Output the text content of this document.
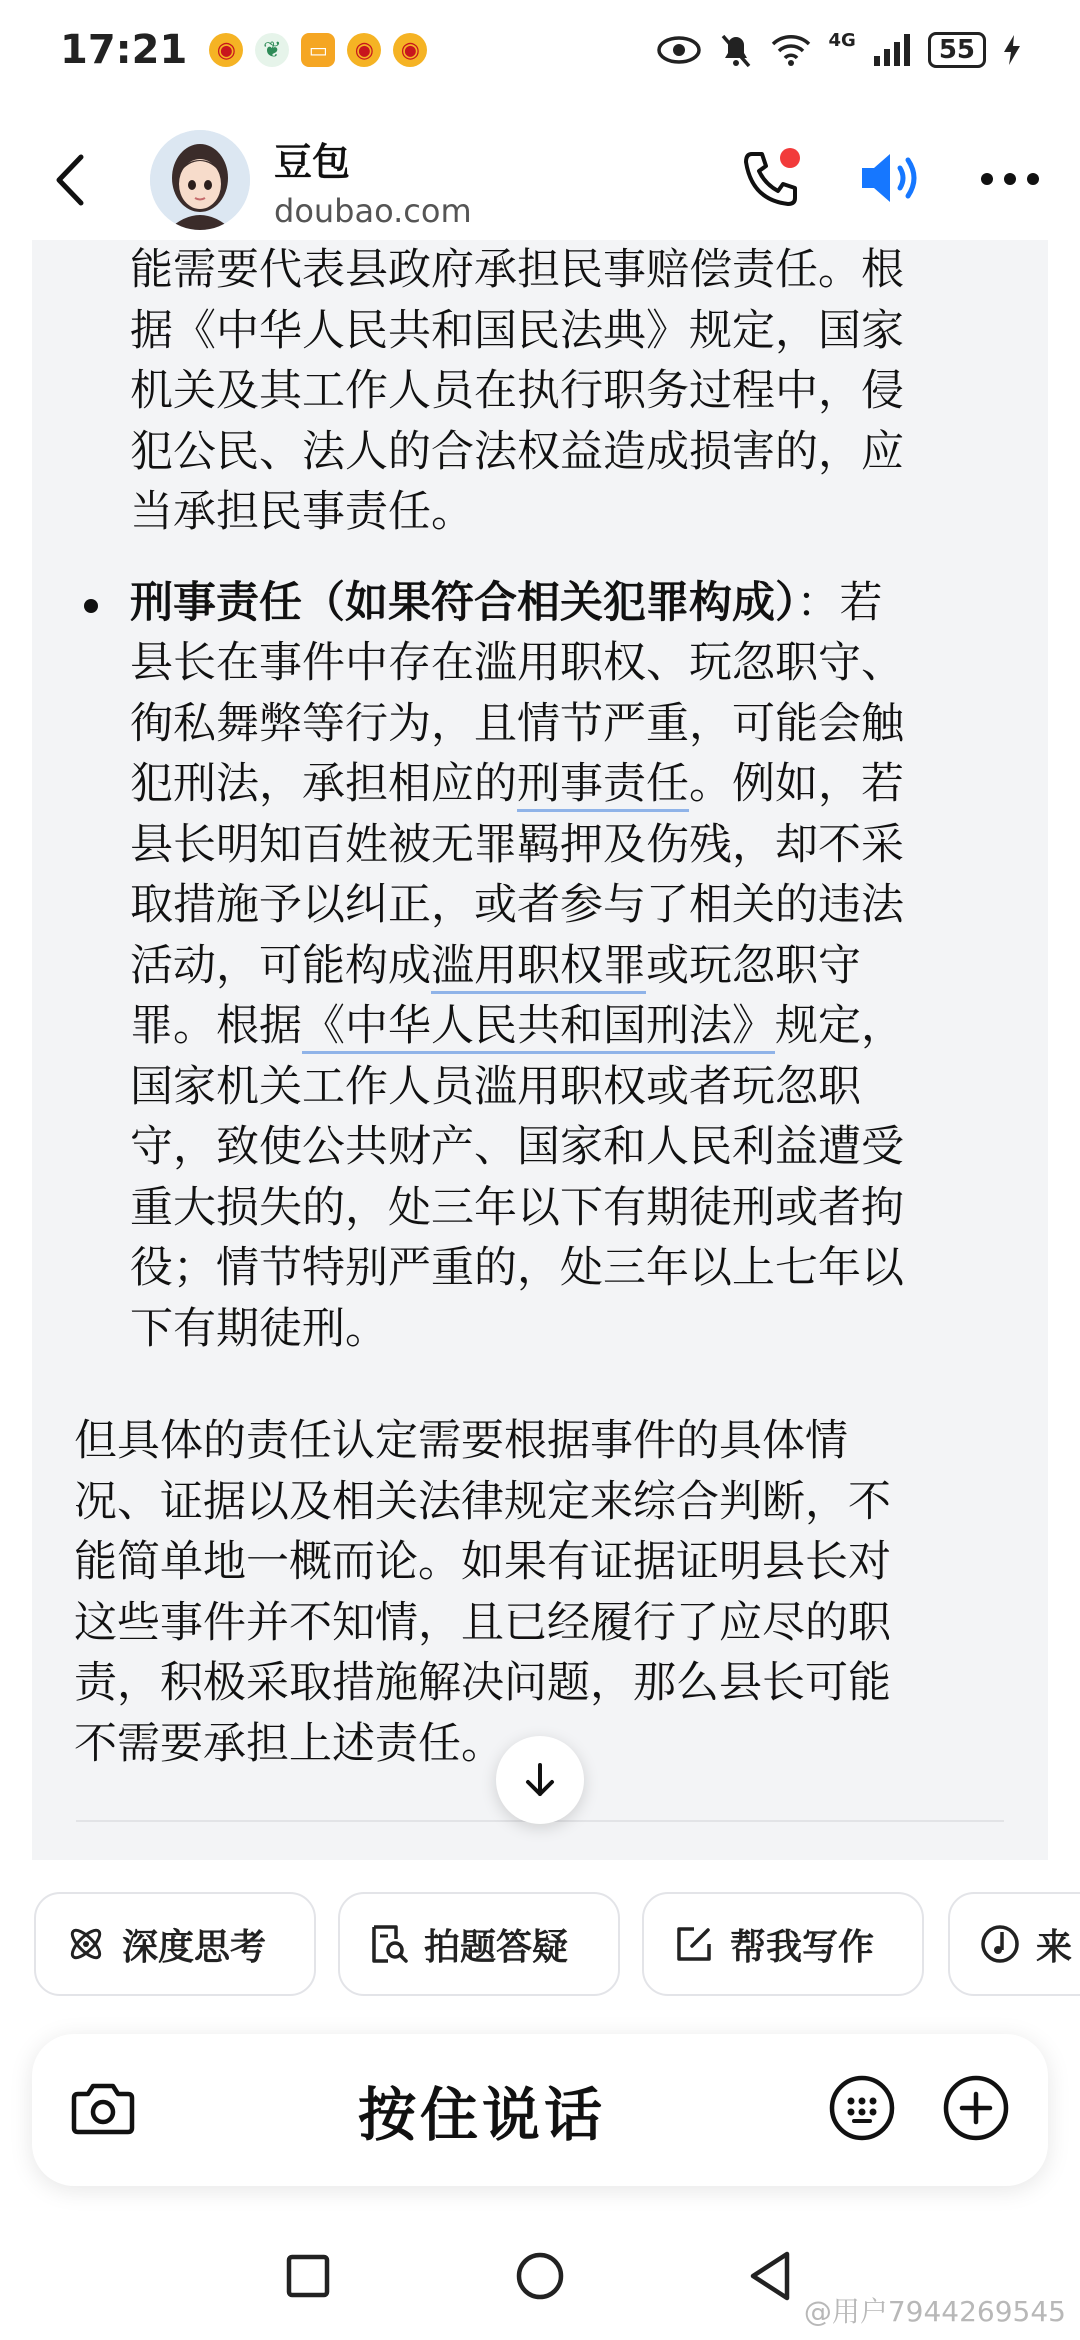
17:21	◉	❦	▭	◉	◉	4G	55
豆包
doubao.com
能需要代表县政府承担民事赔偿责任。根
据《中华人民共和国民法典》规定，国家
机关及其工作人员在执行职务过程中，侵
犯公民、法人的合法权益造成损害的，应
当承担民事责任。
刑事责任（如果符合相关犯罪构成）：若
县长在事件中存在滥用职权、玩忽职守、
徇私舞弊等行为，且情节严重，可能会触
犯刑法，承担相应的刑事责任。例如，若
县长明知百姓被无罪羁押及伤残，却不采
取措施予以纠正，或者参与了相关的违法
活动，可能构成滥用职权罪或玩忽职守
罪。根据《中华人民共和国刑法》规定，
国家机关工作人员滥用职权或者玩忽职
守，致使公共财产、国家和人民利益遭受
重大损失的，处三年以下有期徒刑或者拘
役；情节特别严重的，处三年以上七年以
下有期徒刑。
但具体的责任认定需要根据事件的具体情
况、证据以及相关法律规定来综合判断，不
能简单地一概而论。如果有证据证明县长对
这些事件并不知情，且已经履行了应尽的职
责，积极采取措施解决问题，那么县长可能
不需要承担上述责任。
深度思考	拍题答疑	帮我写作	来
按住说话
@用户7944269545
